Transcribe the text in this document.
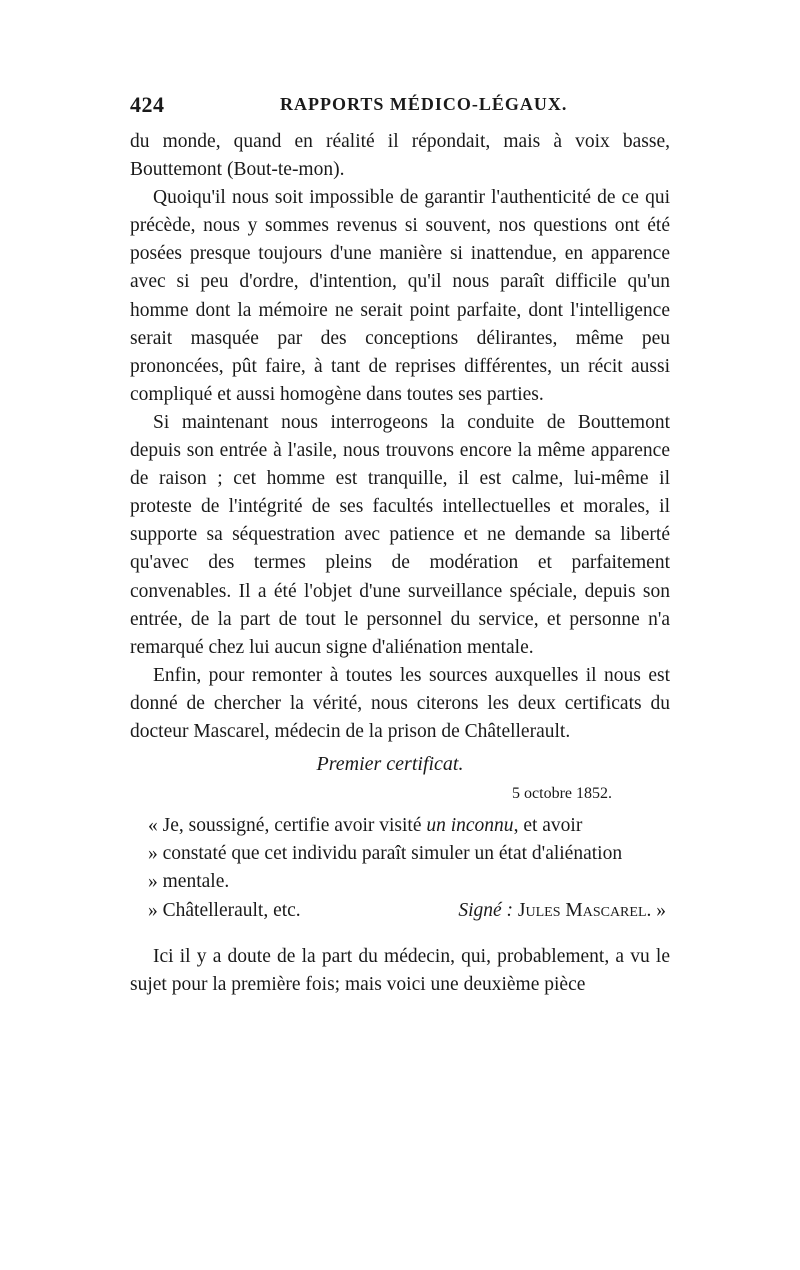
424	RAPPORTS MÉDICO-LÉGAUX.

du monde, quand en réalité il répondait, mais à voix basse, Bouttemont (Bout-te-mon).

Quoiqu'il nous soit impossible de garantir l'authenticité de ce qui précède, nous y sommes revenus si souvent, nos questions ont été posées presque toujours d'une manière si inattendue, en apparence avec si peu d'ordre, d'intention, qu'il nous paraît difficile qu'un homme dont la mémoire ne serait point parfaite, dont l'intelligence serait masquée par des conceptions délirantes, même peu prononcées, pût faire, à tant de reprises différentes, un récit aussi compliqué et aussi homogène dans toutes ses parties.

Si maintenant nous interrogeons la conduite de Bouttemont depuis son entrée à l'asile, nous trouvons encore la même apparence de raison ; cet homme est tranquille, il est calme, lui-même il proteste de l'intégrité de ses facultés intellectuelles et morales, il supporte sa séquestration avec patience et ne demande sa liberté qu'avec des termes pleins de modération et parfaitement convenables. Il a été l'objet d'une surveillance spéciale, depuis son entrée, de la part de tout le personnel du service, et personne n'a remarqué chez lui aucun signe d'aliénation mentale.

Enfin, pour remonter à toutes les sources auxquelles il nous est donné de chercher la vérité, nous citerons les deux certificats du docteur Mascarel, médecin de la prison de Châtellerault.

Premier certificat.
5 octobre 1852.

« Je, soussigné, certifie avoir visité un inconnu, et avoir

» constaté que cet individu paraît simuler un état d'aliénation

» mentale.

» Châtellerault, etc.	Signé : Jules Mascarel. »

Ici il y a doute de la part du médecin, qui, probablement, a vu le sujet pour la première fois; mais voici une deuxième pièce
